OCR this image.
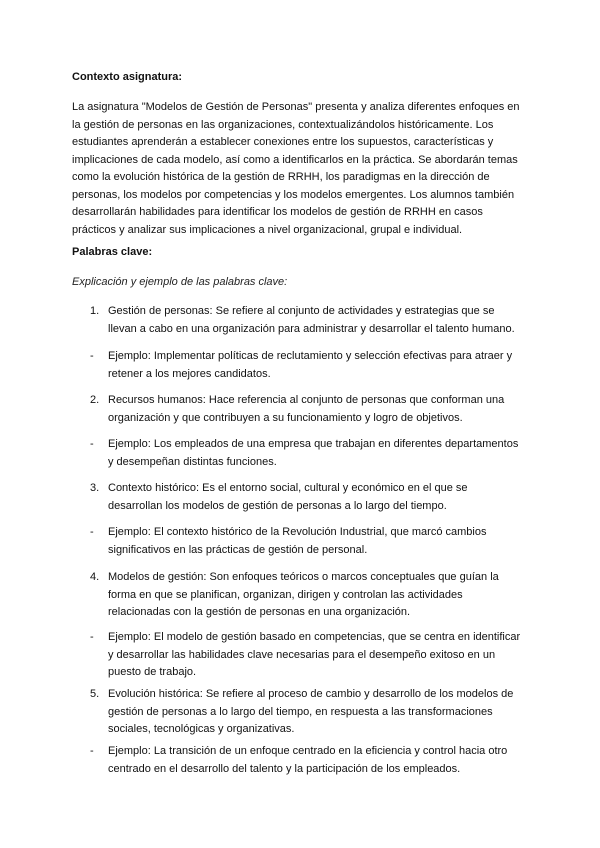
Contexto asignatura:
La asignatura "Modelos de Gestión de Personas" presenta y analiza diferentes enfoques en
la gestión de personas en las organizaciones, contextualizándolos históricamente. Los
estudiantes aprenderán a establecer conexiones entre los supuestos, características y
implicaciones de cada modelo, así como a identificarlos en la práctica. Se abordarán temas
como la evolución histórica de la gestión de RRHH, los paradigmas en la dirección de
personas, los modelos por competencias y los modelos emergentes. Los alumnos también
desarrollarán habilidades para identificar los modelos de gestión de RRHH en casos
prácticos y analizar sus implicaciones a nivel organizacional, grupal e individual.
Palabras clave:
Explicación y ejemplo de las palabras clave:
1. Gestión de personas: Se refiere al conjunto de actividades y estrategias que se
llevan a cabo en una organización para administrar y desarrollar el talento humano.
- Ejemplo: Implementar políticas de reclutamiento y selección efectivas para atraer y
retener a los mejores candidatos.
2. Recursos humanos: Hace referencia al conjunto de personas que conforman una
organización y que contribuyen a su funcionamiento y logro de objetivos.
- Ejemplo: Los empleados de una empresa que trabajan en diferentes departamentos
y desempeñan distintas funciones.
3. Contexto histórico: Es el entorno social, cultural y económico en el que se
desarrollan los modelos de gestión de personas a lo largo del tiempo.
- Ejemplo: El contexto histórico de la Revolución Industrial, que marcó cambios
significativos en las prácticas de gestión de personal.
4. Modelos de gestión: Son enfoques teóricos o marcos conceptuales que guían la
forma en que se planifican, organizan, dirigen y controlan las actividades
relacionadas con la gestión de personas en una organización.
- Ejemplo: El modelo de gestión basado en competencias, que se centra en identificar
y desarrollar las habilidades clave necesarias para el desempeño exitoso en un
puesto de trabajo.
5. Evolución histórica: Se refiere al proceso de cambio y desarrollo de los modelos de
gestión de personas a lo largo del tiempo, en respuesta a las transformaciones
sociales, tecnológicas y organizativas.
- Ejemplo: La transición de un enfoque centrado en la eficiencia y control hacia otro
centrado en el desarrollo del talento y la participación de los empleados.
